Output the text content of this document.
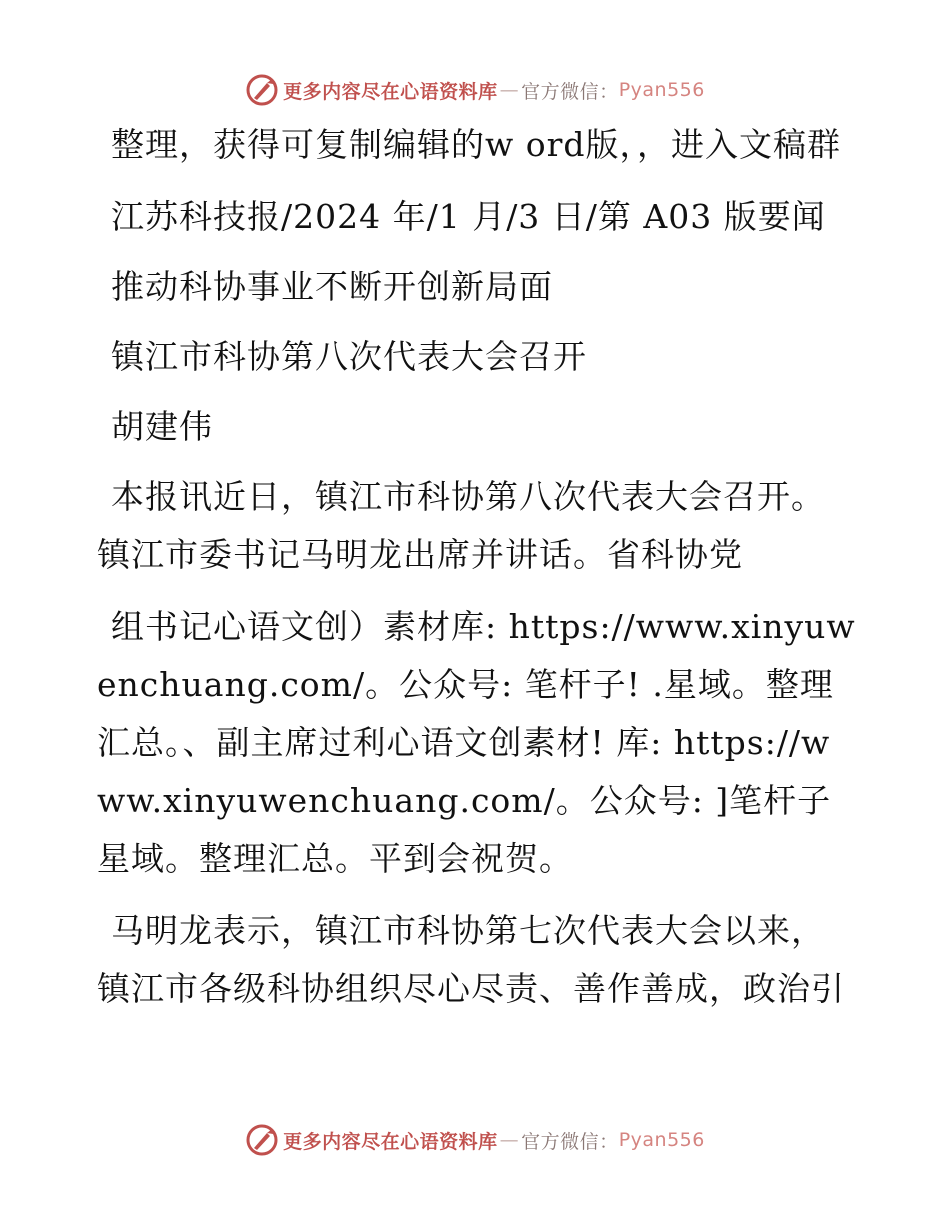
更多内容尽在心语资料库 — 官方微信： Pyan556

整理，获得可复制编辑的w ord版，，进入文稿群

江苏科技报/2024 年/1 月/3 日/第 A03 版要闻

推动科协事业不断开创新局面

镇江市科协第八次代表大会召开

胡建伟

本报讯近日，镇江市科协第八次代表大会召开。镇江市委书记马明龙出席并讲话。省科协党

组书记心语文创）素材库: https://www.xinyuwenchuang.com/。公众号: 笔杆子! .星域。整理汇总。、副主席过利心语文创素材! 库: https://www.xinyuwenchuang.com/。公众号: ]笔杆子星域。整理汇总。平到会祝贺。

马明龙表示，镇江市科协第七次代表大会以来，镇江市各级科协组织尽心尽责、善作善成，政治引

更多内容尽在心语资料库 — 官方微信： Pyan556
